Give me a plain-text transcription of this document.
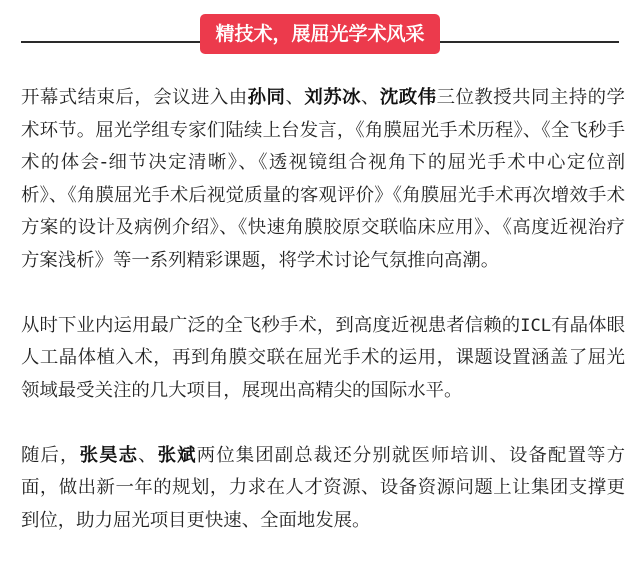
精技术，展屈光学术风采

开幕式结束后，会议进入由孙同、刘苏冰、沈政伟三位教授共同主持的学术环节。屈光学组专家们陆续上台发言，《角膜屈光手术历程》、《全飞秒手术的体会-细节决定清晰》、《透视镜组合视角下的屈光手术中心定位剖析》、《角膜屈光手术后视觉质量的客观评价》《角膜屈光手术再次增效手术方案的设计及病例介绍》、《快速角膜胶原交联临床应用》、《高度近视治疗方案浅析》等一系列精彩课题，将学术讨论气氛推向高潮。

从时下业内运用最广泛的全飞秒手术，到高度近视患者信赖的ICL有晶体眼人工晶体植入术，再到角膜交联在屈光手术的运用，课题设置涵盖了屈光领域最受关注的几大项目，展现出高精尖的国际水平。

随后，张昊志、张斌两位集团副总裁还分别就医师培训、设备配置等方面，做出新一年的规划，力求在人才资源、设备资源问题上让集团支撑更到位，助力屈光项目更快速、全面地发展。
